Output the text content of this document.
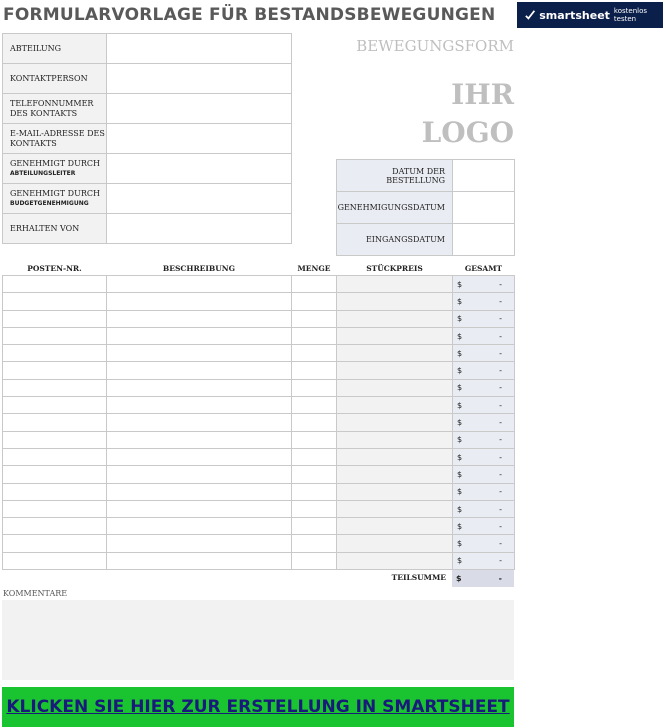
FORMULARVORLAGE FÜR BESTANDSBEWEGUNGEN	smartsheet kostenlos testen
ABTEILUNG	
KONTAKTPERSON	
TELEFONNUMMER DES KONTAKTS	
E-MAIL-ADRESSE DES KONTAKTS	
GENEHMIGT DURCH
ABTEILUNGSLEITER	

GENEHMIGT DURCH
BUDGETGENEHMIGUNG	

ERHALTEN VON	
BEWEGUNGSFORM
IHR
LOGO
DATUM DER BESTELLUNG	
GENEHMIGUNGSDATUM	
EINGANGSDATUM	
POSTEN-NR.	BESCHREIBUNG	MENGE	STÜCKPREIS	GESAMT

				$ -

				$ -

				$ -

				$ -

				$ -

				$ -

				$ -

				$ -

				$ -

				$ -

				$ -

				$ -

				$ -

				$ -

				$ -

				$ -

				$ -
TEILSUMME $	-
KOMMENTARE
KLICKEN SIE HIER ZUR ERSTELLUNG IN SMARTSHEET
